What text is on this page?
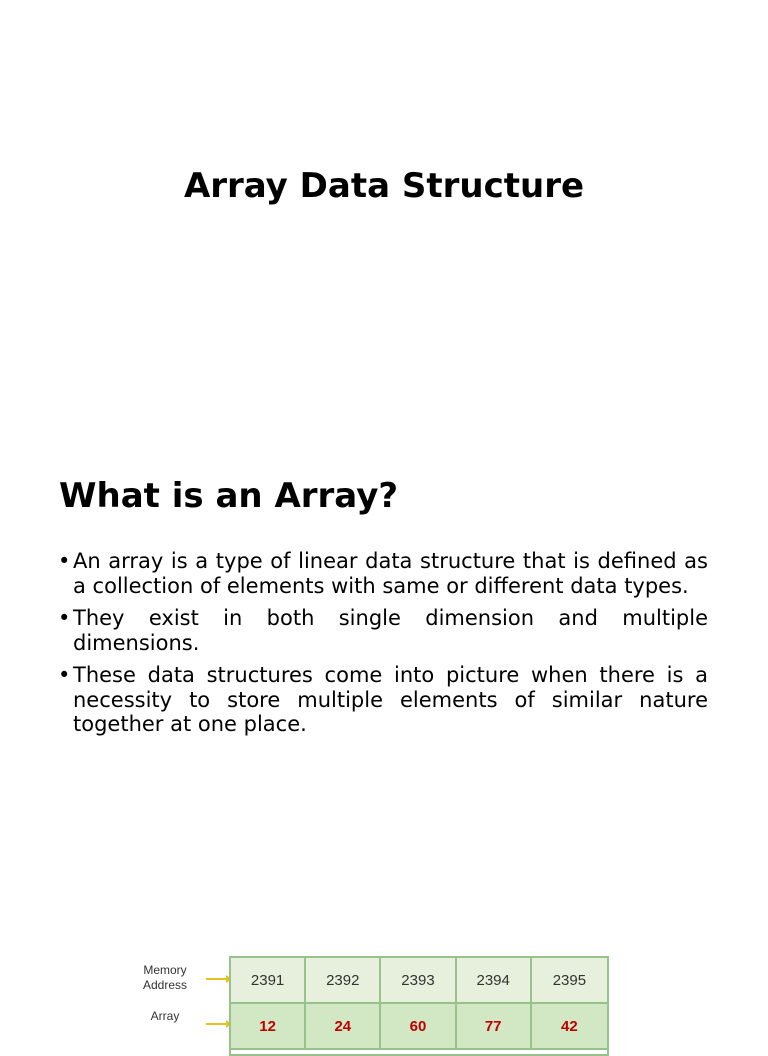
Array Data Structure
What is an Array?
• An array is a type of linear data structure that is defined as a collection of elements with same or different data types.
• They exist in both single dimension and multiple dimensions.
• These data structures come into picture when there is a necessity to store multiple elements of similar nature together at one place.
Memory Address
Array
2391	2392	2393	2394	2395
12	24	60	77	42
